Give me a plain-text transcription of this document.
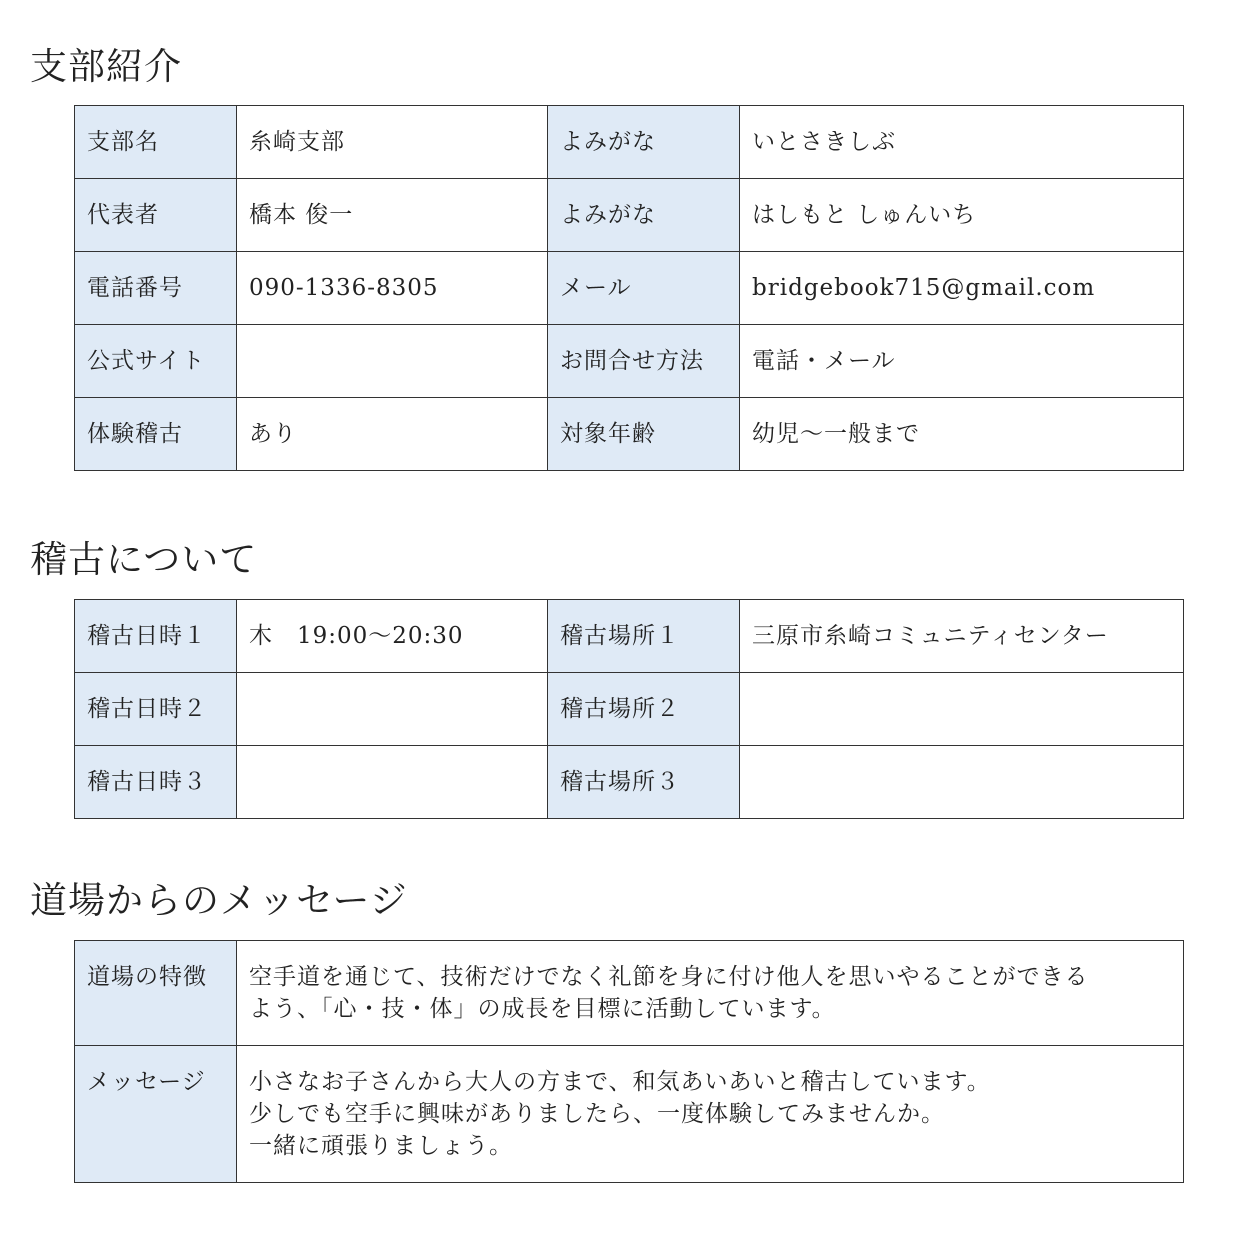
支部紹介
支部名	糸崎支部	よみがな	いとさきしぶ
代表者	橋本 俊一	よみがな	はしもと しゅんいち
電話番号	090-1336-8305	メール	bridgebook715@gmail.com
公式サイト		お問合せ方法	電話・メール
体験稽古	あり	対象年齢	幼児～一般まで
稽古について
稽古日時１	木　19:00～20:30	稽古場所１	三原市糸崎コミュニティセンター
稽古日時２		稽古場所２	
稽古日時３		稽古場所３	
道場からのメッセージ
道場の特徴	空手道を通じて、技術だけでなく礼節を身に付け他人を思いやることができる
よう、「心・技・体」の成長を目標に活動しています。
メッセージ	小さなお子さんから大人の方まで、和気あいあいと稽古しています。
少しでも空手に興味がありましたら、一度体験してみませんか。
一緒に頑張りましょう。
